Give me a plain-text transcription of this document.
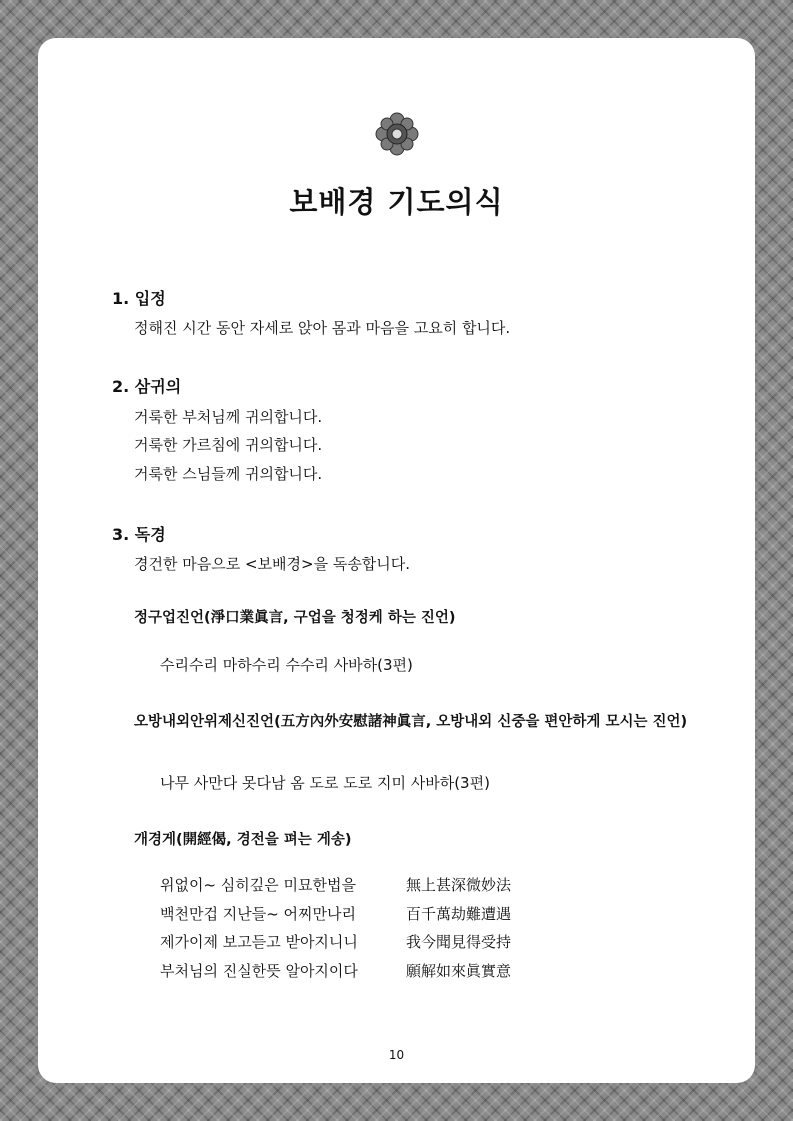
보배경 기도의식
1. 입정

정해진 시간 동안 자세로 앉아 몸과 마음을 고요히 합니다.

2. 삼귀의

거룩한 부처님께 귀의합니다.

거룩한 가르침에 귀의합니다.

거룩한 스님들께 귀의합니다.

3. 독경

경건한 마음으로 <보배경>을 독송합니다.

정구업진언(淨口業眞言, 구업을 청정케 하는 진언)

수리수리 마하수리 수수리 사바하(3편)

오방내외안위제신진언(五方內外安慰諸神眞言, 오방내외 신중을 편안하게 모시는 진언)

나무 사만다 못다남 옴 도로 도로 지미 사바하(3편)

개경게(開經偈, 경전을 펴는 게송)
위없이~ 심히깊은 미묘한법을	無上甚深微妙法
백천만겁 지난들~ 어찌만나리	百千萬劫難遭遇
제가이제 보고듣고 받아지니니	我今聞見得受持
부처님의 진실한뜻 알아지이다	願解如來眞實意
10
